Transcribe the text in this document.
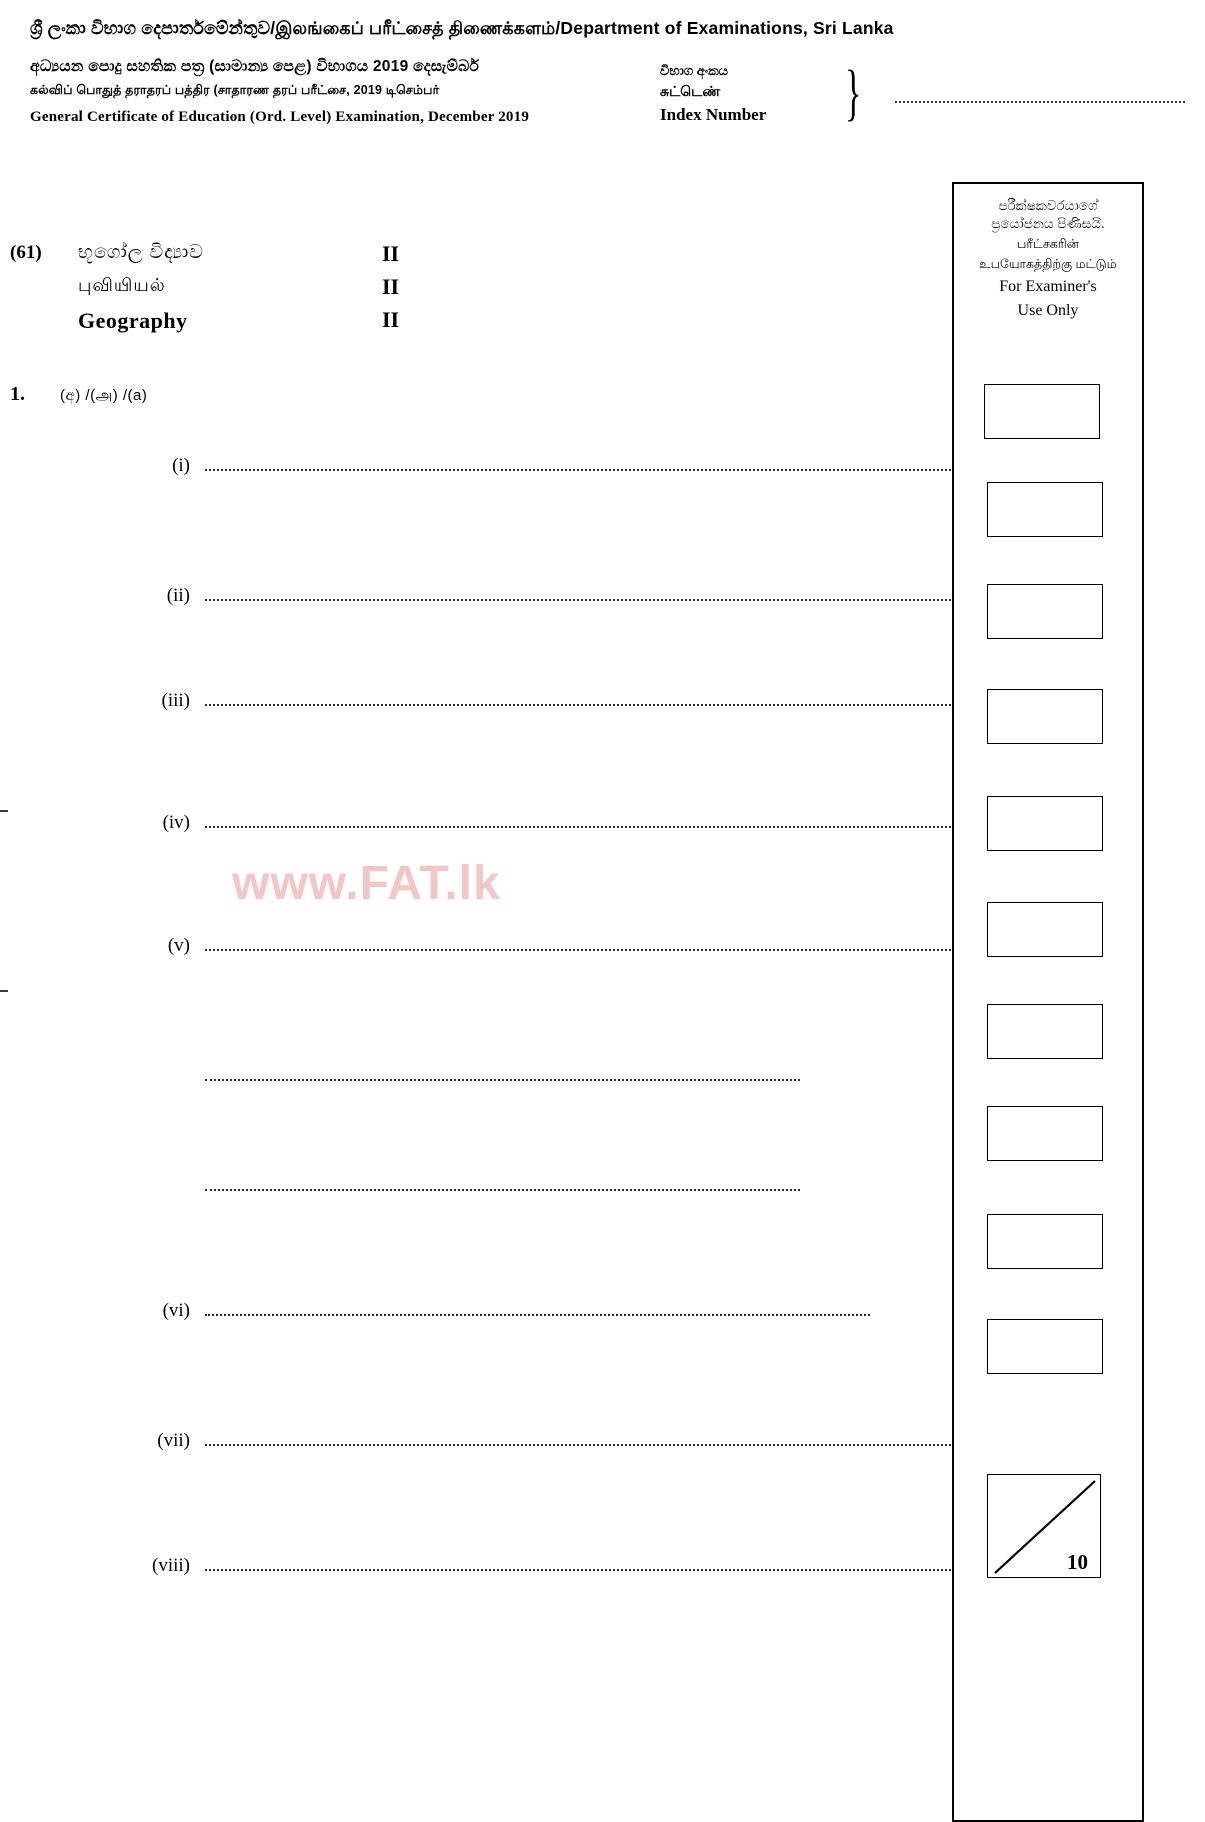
ශ්‍රී ලංකා විභාග දෙපාර්තමේන්තුව/இலங்கைப் பரீட்சைத் திணைக்களம்/Department of Examinations, Sri Lanka
අධ්‍යයන පොදු සහතික පත්‍ර (සාමාන්‍ය පෙළ) විභාගය 2019 දෙසැම්බර්
கல்விப் பொதுத் தராதரப் பத்திர (சாதாரண தரப் பரீட்சை, 2019 டிசெம்பர்
General Certificate of Education (Ord. Level) Examination, December 2019
විභාග අංකය
சுட்டெண்
Index Number	}
(61) භූගෝල විද්‍යාව	II
புவியியல்	II
Geography	II
1. (අ) /(அ) /(a)
(i)
(ii)
(iii)
(iv)
(v)
(vi)
(vii)
(viii)
www.FAT.lk
පරීක්ෂකවරයාගේ
ප්‍රයෝජනය පිණිසයි.
பரீட்சகரின்
உபயோகத்திற்கு மட்டும்
For Examiner's
Use Only
10
